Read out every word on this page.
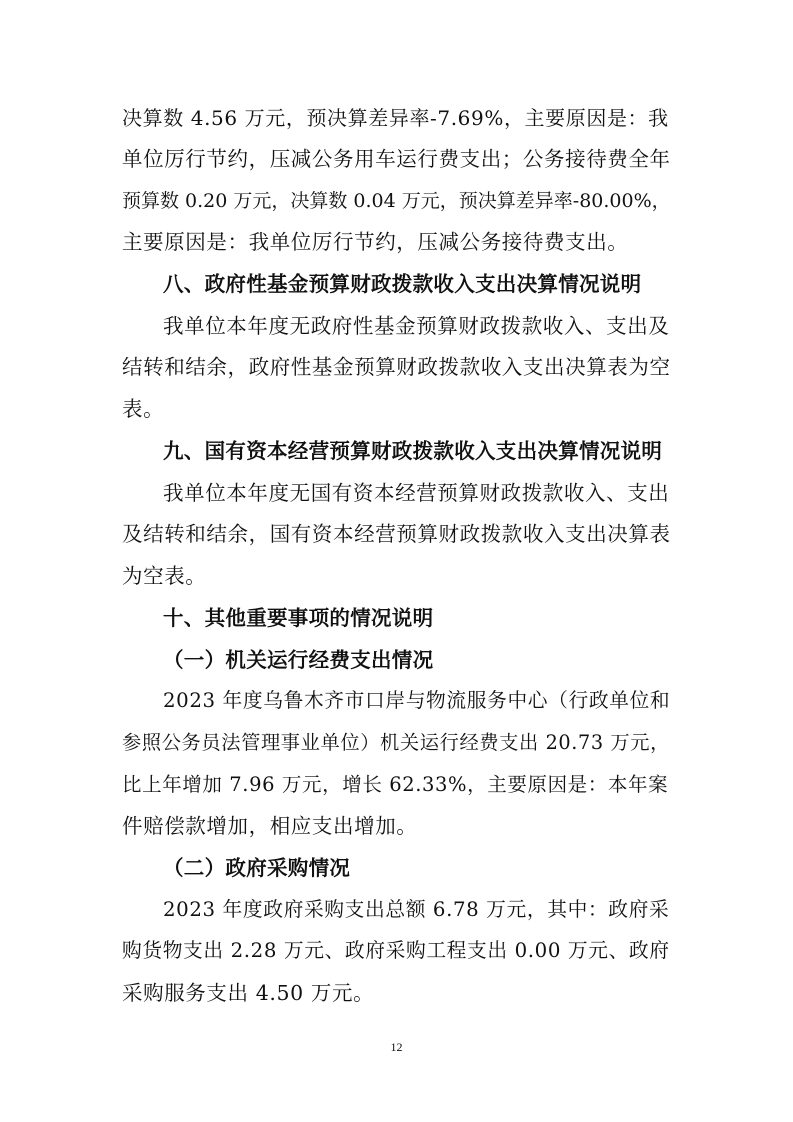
决算数 4.56 万元，预决算差异率-7.69%，主要原因是：我
单位厉行节约，压减公务用车运行费支出；公务接待费全年
预算数 0.20 万元，决算数 0.04 万元，预决算差异率-80.00%，
主要原因是：我单位厉行节约，压减公务接待费支出。
八、政府性基金预算财政拨款收入支出决算情况说明
我单位本年度无政府性基金预算财政拨款收入、支出及
结转和结余，政府性基金预算财政拨款收入支出决算表为空
表。
九、国有资本经营预算财政拨款收入支出决算情况说明
我单位本年度无国有资本经营预算财政拨款收入、支出
及结转和结余，国有资本经营预算财政拨款收入支出决算表
为空表。
十、其他重要事项的情况说明
（一）机关运行经费支出情况
2023 年度乌鲁木齐市口岸与物流服务中心（行政单位和
参照公务员法管理事业单位）机关运行经费支出 20.73 万元，
比上年增加 7.96 万元，增长 62.33%，主要原因是：本年案
件赔偿款增加，相应支出增加。
（二）政府采购情况
2023 年度政府采购支出总额 6.78 万元，其中：政府采
购货物支出 2.28 万元、政府采购工程支出 0.00 万元、政府
采购服务支出 4.50 万元。
12
